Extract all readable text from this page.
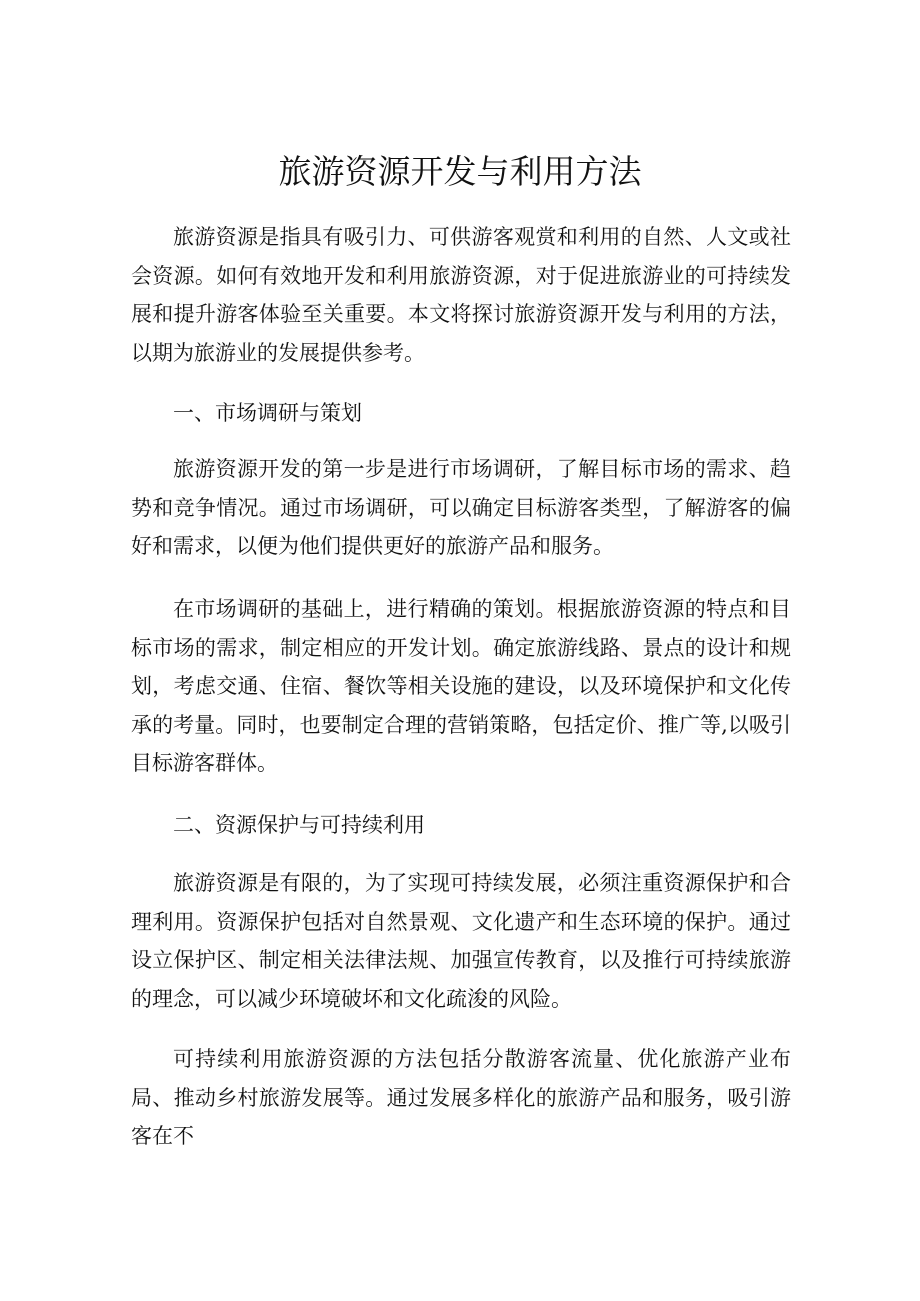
旅游资源开发与利用方法

旅游资源是指具有吸引力、可供游客观赏和利用的自然、人文或社会资源。如何有效地开发和利用旅游资源，对于促进旅游业的可持续发展和提升游客体验至关重要。本文将探讨旅游资源开发与利用的方法，以期为旅游业的发展提供参考。

一、市场调研与策划

旅游资源开发的第一步是进行市场调研，了解目标市场的需求、趋势和竞争情况。通过市场调研，可以确定目标游客类型，了解游客的偏好和需求，以便为他们提供更好的旅游产品和服务。

在市场调研的基础上，进行精确的策划。根据旅游资源的特点和目标市场的需求，制定相应的开发计划。确定旅游线路、景点的设计和规划，考虑交通、住宿、餐饮等相关设施的建设，以及环境保护和文化传承的考量。同时，也要制定合理的营销策略，包括定价、推广等,以吸引目标游客群体。

二、资源保护与可持续利用

旅游资源是有限的，为了实现可持续发展，必须注重资源保护和合理利用。资源保护包括对自然景观、文化遗产和生态环境的保护。通过设立保护区、制定相关法律法规、加强宣传教育，以及推行可持续旅游的理念，可以减少环境破坏和文化疏浚的风险。

可持续利用旅游资源的方法包括分散游客流量、优化旅游产业布局、推动乡村旅游发展等。通过发展多样化的旅游产品和服务，吸引游客在不
